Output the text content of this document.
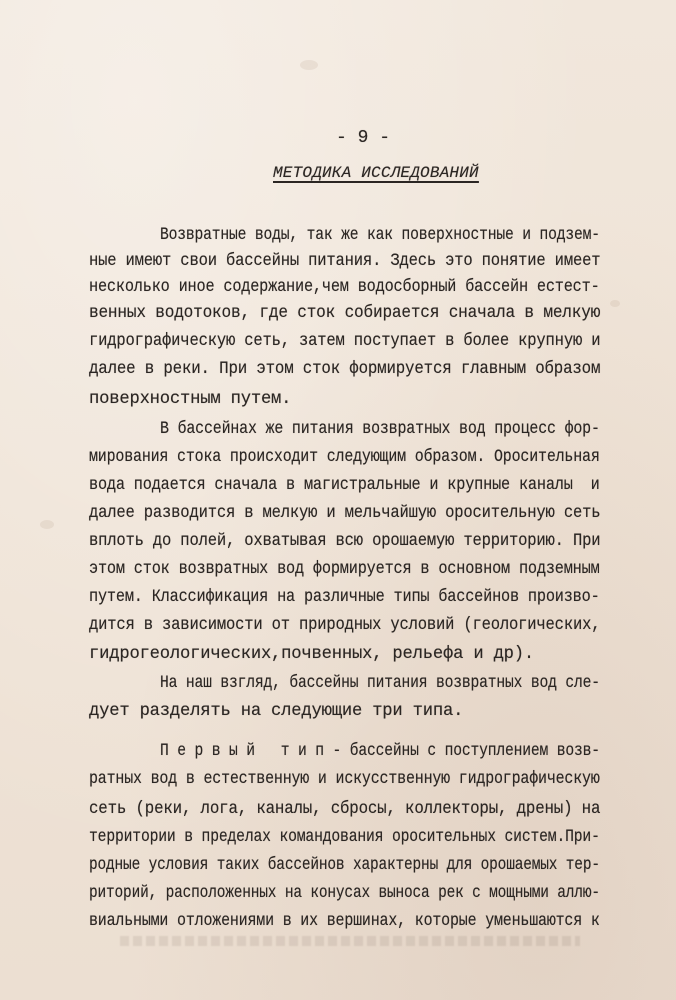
- 9 -
МЕТОДИКА ИССЛЕДОВАНИЙ
Возвратные воды, так же как поверхностные и подзем-
ные имеют свои бассейны питания. Здесь это понятие имеет
несколько иное содержание,чем водосборный бассейн естест-
венных водотоков, где сток собирается сначала в мелкую
гидрографическую сеть, затем поступает в более крупную и
далее в реки. При этом сток формируется главным образом
поверхностным путем.
В бассейнах же питания возвратных вод процесс фор-
мирования стока происходит следующим образом. Оросительная
вода подается сначала в магистральные и крупные каналы  и
далее разводится в мелкую и мельчайшую оросительную сеть
вплоть до полей, охватывая всю орошаемую территорию. При
этом сток возвратных вод формируется в основном подземным
путем. Классификация на различные типы бассейнов произво-
дится в зависимости от природных условий (геологических,
гидрогеологических,почвенных, рельефа и др).
На наш взгляд, бассейны питания возвратных вод сле-
дует разделять на следующие три типа.
П е р в ы й   т и п - бассейны с поступлением возв-
ратных вод в естественную и искусственную гидрографическую
сеть (реки, лога, каналы, сбросы, коллекторы, дрены) на
территории в пределах командования оросительных систем.При-
родные условия таких бассейнов характерны для орошаемых тер-
риторий, расположенных на конусах выноса рек с мощными аллю-
виальными отложениями в их вершинах, которые уменьшаются к
